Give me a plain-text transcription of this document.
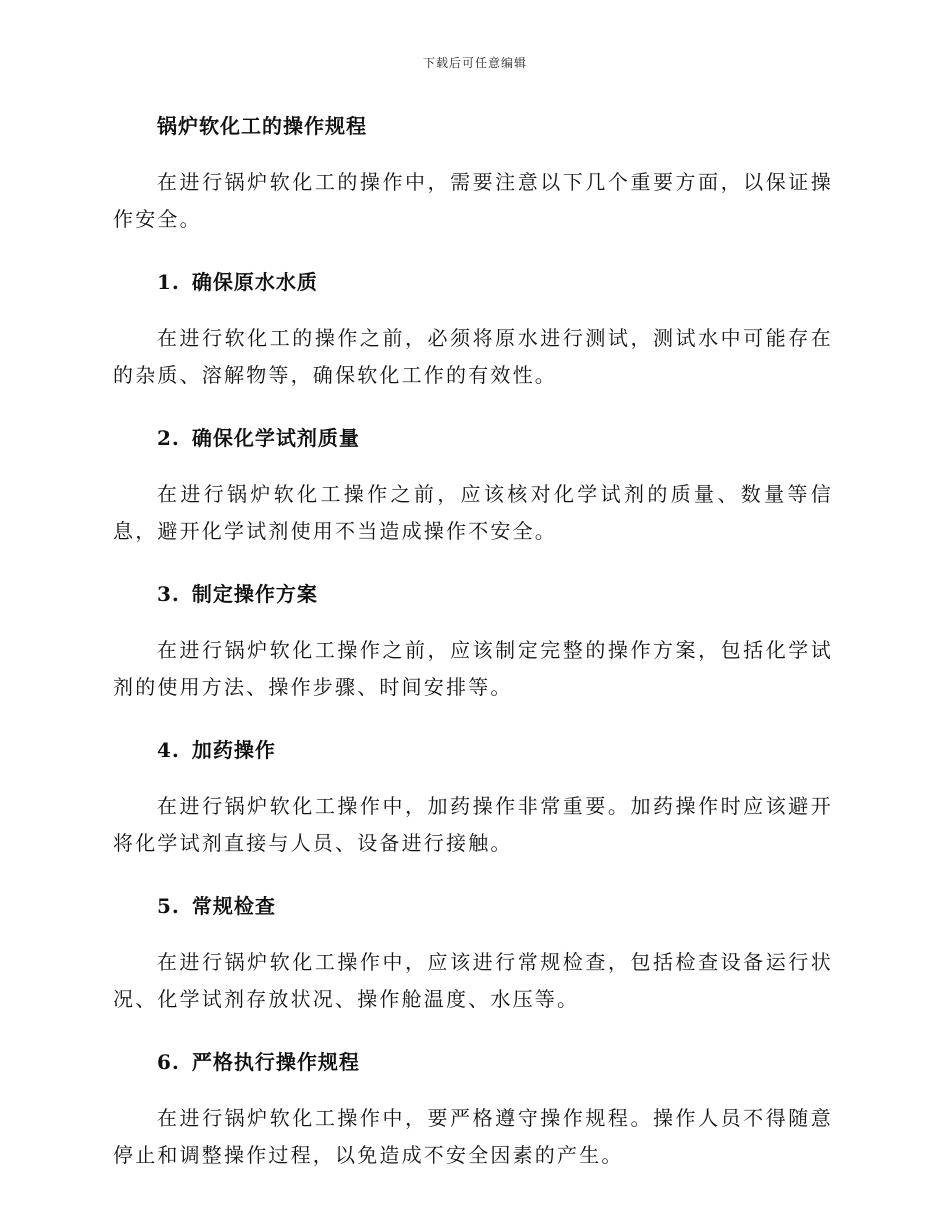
下载后可任意编辑
锅炉软化工的操作规程

在进行锅炉软化工的操作中，需要注意以下几个重要方面，以保证操作安全。

1. 确保原水水质

在进行软化工的操作之前，必须将原水进行测试，测试水中可能存在的杂质、溶解物等，确保软化工作的有效性。

2. 确保化学试剂质量

在进行锅炉软化工操作之前，应该核对化学试剂的质量、数量等信息，避开化学试剂使用不当造成操作不安全。

3. 制定操作方案

在进行锅炉软化工操作之前，应该制定完整的操作方案，包括化学试剂的使用方法、操作步骤、时间安排等。

4. 加药操作

在进行锅炉软化工操作中，加药操作非常重要。加药操作时应该避开将化学试剂直接与人员、设备进行接触。

5. 常规检查

在进行锅炉软化工操作中，应该进行常规检查，包括检查设备运行状况、化学试剂存放状况、操作舱温度、水压等。

6. 严格执行操作规程

在进行锅炉软化工操作中，要严格遵守操作规程。操作人员不得随意停止和调整操作过程，以免造成不安全因素的产生。
